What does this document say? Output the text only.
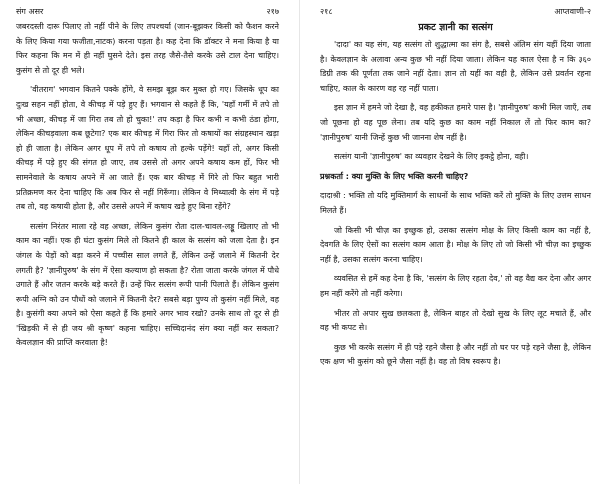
संग असर	२१७

जबरदस्ती दारू पिलाए तो नहीं पीने के लिए तपश्चर्या (जान-बूझकर किसी को फैशन करने के लिए किया गया फजीता,नाटक) करना पड़ता है। कह देना कि डॉक्टर ने मना किया है या फिर कहना कि मन में ही नहीं घुसने देते। इस तरह जैसे-तैसे करके उसे टाल देना चाहिए। कुसंग से तो दूर ही भले।

'वीतराग' भगवान कितने पक्के होंगे, वे समझ बूझ कर मुक्त हो गए। जिसके धूप का दुःख सहन नहीं होता, वे कीचड़ में पड़े हुए हैं। भगवान से कहते हैं कि, 'यहाँ गर्मी में तपे तो भी अच्छा, कीचड़ में जा गिरा तब तो हो चुका!' तप कड़ा है फिर कभी न कभी ठंडा होगा, लेकिन कीचड़वाला कब छूटेगा? एक बार कीचड़ में गिरा फिर तो कषायों का संग्रहस्थान खड़ा हो ही जाता है। लेकिन अगर धूप में तपे तो कषाय तो हल्के पड़ेंगे! यहाँ तो, अगर किसी कीचड़ में पड़े हुए की संगत हो जाए, तब उससे तो अगर अपने कषाय कम हों, फिर भी सामनेवाले के कषाय अपने में आ जाते हैं। एक बार कीचड़ में गिरे तो फिर बहुत भारी प्रतिक्रमण कर देना चाहिए कि अब फिर से नहीं गिरूँगा। लेकिन वे मिथ्यात्वी के संग में पड़े तब तो, वह कषायी होता है, और उससे अपने में कषाय खड़े हुए बिना रहेंगे?

सत्संग निरंतर माला रहे वह अच्छा, लेकिन कुसंग रोता दाल-चावल-लड्डू खिलाए तो भी काम का नहीं। एक ही घंटा कुसंग मिले तो कितने ही काल के सत्संग को जला देता है। इन जंगल के पेड़ों को बड़ा करने में पच्चीस साल लगते हैं, लेकिन उन्हें जलाने में कितनी देर लगती है? 'ज्ञानीपुरुष' के संग में ऐसा कल्याण हो सकता है? रोता जाता करके जंगल में पौधे उगाते हैं और जतन करके बड़े करते हैं। उन्हें फिर सत्संग रूपी पानी पिलाते हैं। लेकिन कुसंग रूपी अग्नि को उन पौधों को जलाने में कितनी देर? सबसे बड़ा पुण्य तो कुसंग नहीं मिले, वह है। कुसंगी क्या अपने को ऐसा कहते हैं कि हमारे अगर भाव रखो? उनके साथ तो दूर से ही 'खिड़की में से ही जय श्री कृष्ण' कहना चाहिए। सच्चिदानंद संग क्या नहीं कर सकता? केवलज्ञान की प्राप्ति करवाता है!

२१८	आप्तवाणी-२
प्रकट ज्ञानी का सत्संग

'दादा' का यह संग, यह सत्संग तो शुद्धात्मा का संग है, सबसे अंतिम संग यहीं दिया जाता है। केवलज्ञान के अलावा अन्य कुछ भी नहीं दिया जाता। लेकिन यह काल ऐसा है न कि ३६० डिग्री तक की पूर्णता तक जाने नहीं देता। ज्ञान तो यहीं का वही है, लेकिन उसे प्रवर्तन रहना चाहिए, काल के कारण वह रह नहीं पाता।

इस ज्ञान में हमने जो देखा है, वह हकीकत हमारे पास है। 'ज्ञानीपुरुष' कभी मिल जाएँ, तब जो पूछना हो वह पूछ लेना। तब यदि कुछ का काम नहीं निकाल लें तो फिर काम का? 'ज्ञानीपुरुष' यानी जिन्हें कुछ भी जानना शेष नहीं है।

सत्संग यानी 'ज्ञानीपुरुष' का व्यवहार देखने के लिए इकट्ठे होना, वही।

प्रश्नकर्ता : क्या मुक्ति के लिए भक्ति करनी चाहिए?

दादाश्री : भक्ति तो यदि मुक्तिमार्ग के साधनों के साथ भक्ति करें तो मुक्ति के लिए उत्तम साधन मिलते हैं।

जो किसी भी चीज़ का इच्छुक हो, उसका सत्संग मोक्ष के लिए किसी काम का नहीं है, देवगति के लिए ऐसों का सत्संग काम आता है। मोक्ष के लिए तो जो किसी भी चीज़ का इच्छुक नहीं है, उसका सत्संग करना चाहिए।

व्यवसित से हमें कह देना है कि, 'सत्संग के लिए रहता देव,' तो वह वैद्य कर देना और अगर हम नहीं करेंगे तो नहीं करेगा।

भीतर तो अपार सुख छलकता है, लेकिन बाहर तो देखो सुख के लिए लूट मचाते हैं, और वह भी कपट से।

कुछ भी करके सत्संग में ही पड़े रहने जैसा है और नहीं तो घर पर पड़े रहने जैसा है, लेकिन एक क्षण भी कुसंग को छूने जैसा नहीं है। वह तो विष स्वरूप है।
